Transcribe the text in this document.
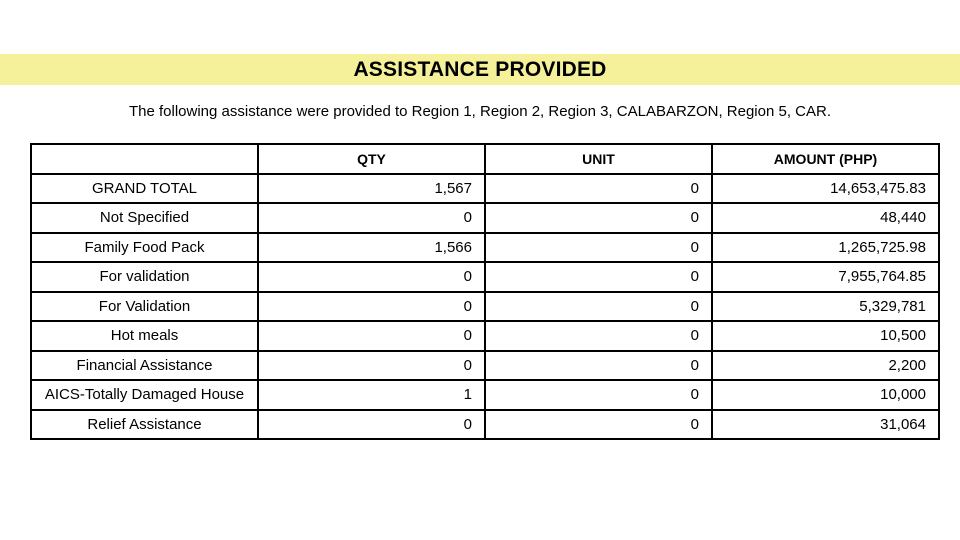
ASSISTANCE PROVIDED
The following assistance were provided to Region 1, Region 2, Region 3, CALABARZON, Region 5, CAR.
	QTY	UNIT	AMOUNT (PHP)
GRAND TOTAL	1,567	0	14,653,475.83
Not Specified	0	0	48,440
Family Food Pack	1,566	0	1,265,725.98
For validation	0	0	7,955,764.85
For Validation	0	0	5,329,781
Hot meals	0	0	10,500
Financial Assistance	0	0	2,200
AICS-Totally Damaged House	1	0	10,000
Relief Assistance	0	0	31,064
